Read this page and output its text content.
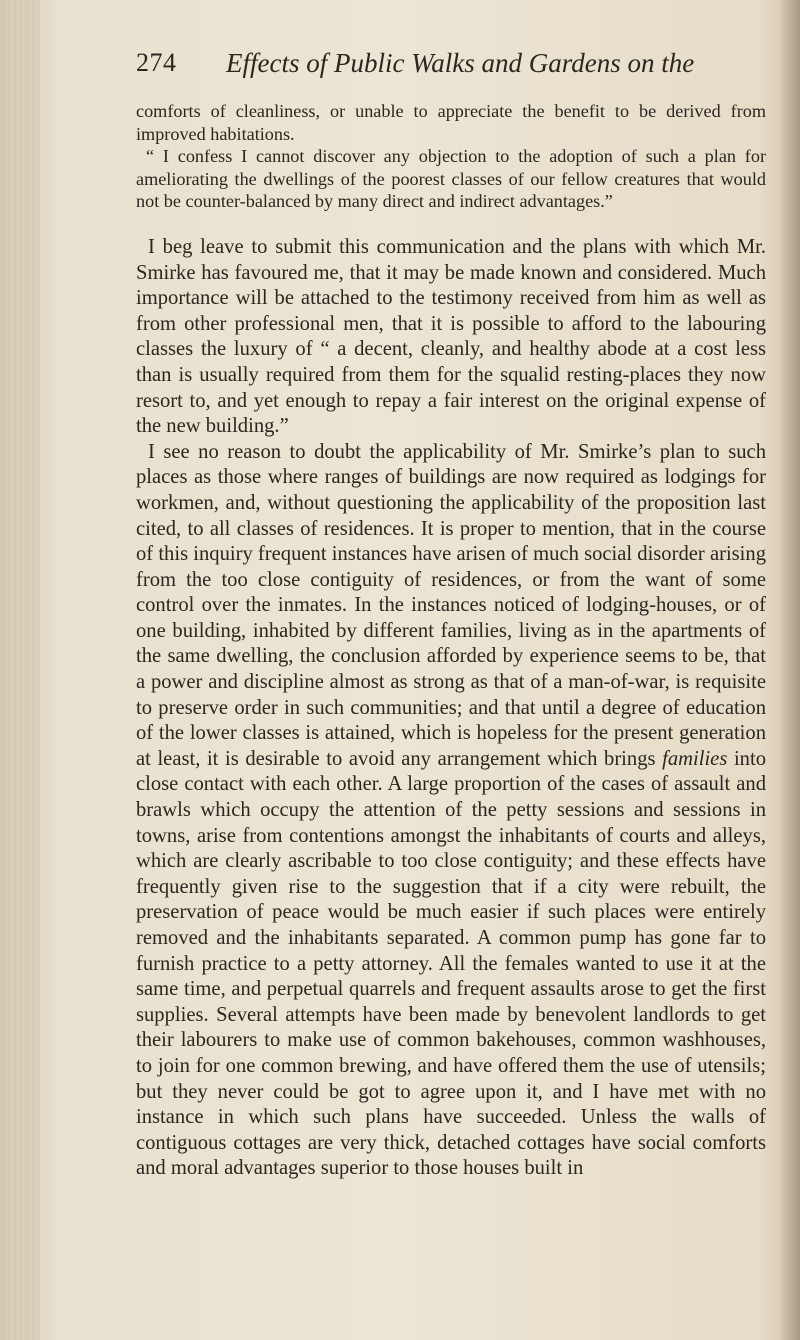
274 Effects of Public Walks and Gardens on the

comforts of cleanliness, or unable to appreciate the benefit to be derived from improved habitations.

“ I confess I cannot discover any objection to the adoption of such a plan for ameliorating the dwellings of the poorest classes of our fellow creatures that would not be counter-balanced by many direct and indirect advantages.”

I beg leave to submit this communication and the plans with which Mr. Smirke has favoured me, that it may be made known and considered. Much importance will be attached to the testimony received from him as well as from other professional men, that it is possible to afford to the labouring classes the luxury of “ a decent, cleanly, and healthy abode at a cost less than is usually required from them for the squalid resting-places they now resort to, and yet enough to repay a fair interest on the original expense of the new building.”

I see no reason to doubt the applicability of Mr. Smirke’s plan to such places as those where ranges of buildings are now required as lodgings for workmen, and, without questioning the applicability of the proposition last cited, to all classes of residences. It is proper to mention, that in the course of this inquiry frequent instances have arisen of much social disorder arising from the too close contiguity of residences, or from the want of some control over the inmates. In the instances noticed of lodging-houses, or of one building, inhabited by different families, living as in the apartments of the same dwelling, the conclusion afforded by experience seems to be, that a power and discipline almost as strong as that of a man-of-war, is requisite to preserve order in such communities; and that until a degree of education of the lower classes is attained, which is hopeless for the present generation at least, it is desirable to avoid any arrangement which brings families into close contact with each other. A large proportion of the cases of assault and brawls which occupy the attention of the petty sessions and sessions in towns, arise from contentions amongst the inhabitants of courts and alleys, which are clearly ascribable to too close contiguity; and these effects have frequently given rise to the suggestion that if a city were rebuilt, the preservation of peace would be much easier if such places were entirely removed and the inhabitants separated. A common pump has gone far to furnish practice to a petty attorney. All the females wanted to use it at the same time, and perpetual quarrels and frequent assaults arose to get the first supplies. Several attempts have been made by benevolent landlords to get their labourers to make use of common bakehouses, common washhouses, to join for one common brewing, and have offered them the use of utensils; but they never could be got to agree upon it, and I have met with no instance in which such plans have succeeded. Unless the walls of contiguous cottages are very thick, detached cottages have social comforts and moral advantages superior to those houses built in
